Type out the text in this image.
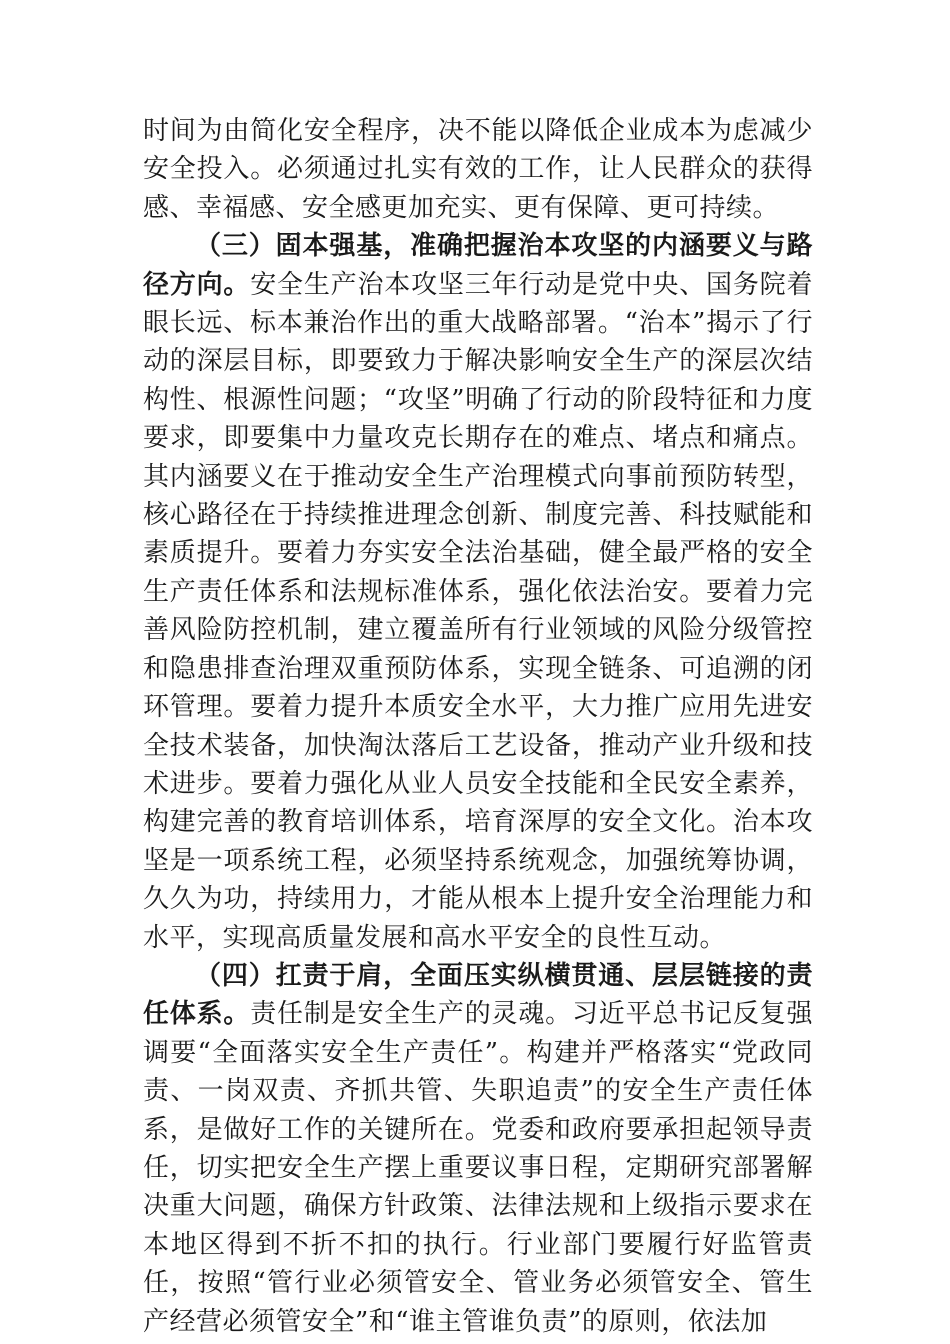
时间为由简化安全程序，决不能以降低企业成本为虑减少安全投入。必须通过扎实有效的工作，让人民群众的获得感、幸福感、安全感更加充实、更有保障、更可持续。

（三）固本强基，准确把握治本攻坚的内涵要义与路径方向。安全生产治本攻坚三年行动是党中央、国务院着眼长远、标本兼治作出的重大战略部署。“治本”揭示了行动的深层目标，即要致力于解决影响安全生产的深层次结构性、根源性问题；“攻坚”明确了行动的阶段特征和力度要求，即要集中力量攻克长期存在的难点、堵点和痛点。其内涵要义在于推动安全生产治理模式向事前预防转型，核心路径在于持续推进理念创新、制度完善、科技赋能和素质提升。要着力夯实安全法治基础，健全最严格的安全生产责任体系和法规标准体系，强化依法治安。要着力完善风险防控机制，建立覆盖所有行业领域的风险分级管控和隐患排查治理双重预防体系，实现全链条、可追溯的闭环管理。要着力提升本质安全水平，大力推广应用先进安全技术装备，加快淘汰落后工艺设备，推动产业升级和技术进步。要着力强化从业人员安全技能和全民安全素养，构建完善的教育培训体系，培育深厚的安全文化。治本攻坚是一项系统工程，必须坚持系统观念，加强统筹协调，久久为功，持续用力，才能从根本上提升安全治理能力和水平，实现高质量发展和高水平安全的良性互动。

（四）扛责于肩，全面压实纵横贯通、层层链接的责任体系。责任制是安全生产的灵魂。习近平总书记反复强调要“全面落实安全生产责任”。构建并严格落实“党政同责、一岗双责、齐抓共管、失职追责”的安全生产责任体系，是做好工作的关键所在。党委和政府要承担起领导责任，切实把安全生产摆上重要议事日程，定期研究部署解决重大问题，确保方针政策、法律法规和上级指示要求在本地区得到不折不扣的执行。行业部门要履行好监管责任，按照“管行业必须管安全、管业务必须管安全、管生产经营必须管安全”和“谁主管谁负责”的原则，依法加
